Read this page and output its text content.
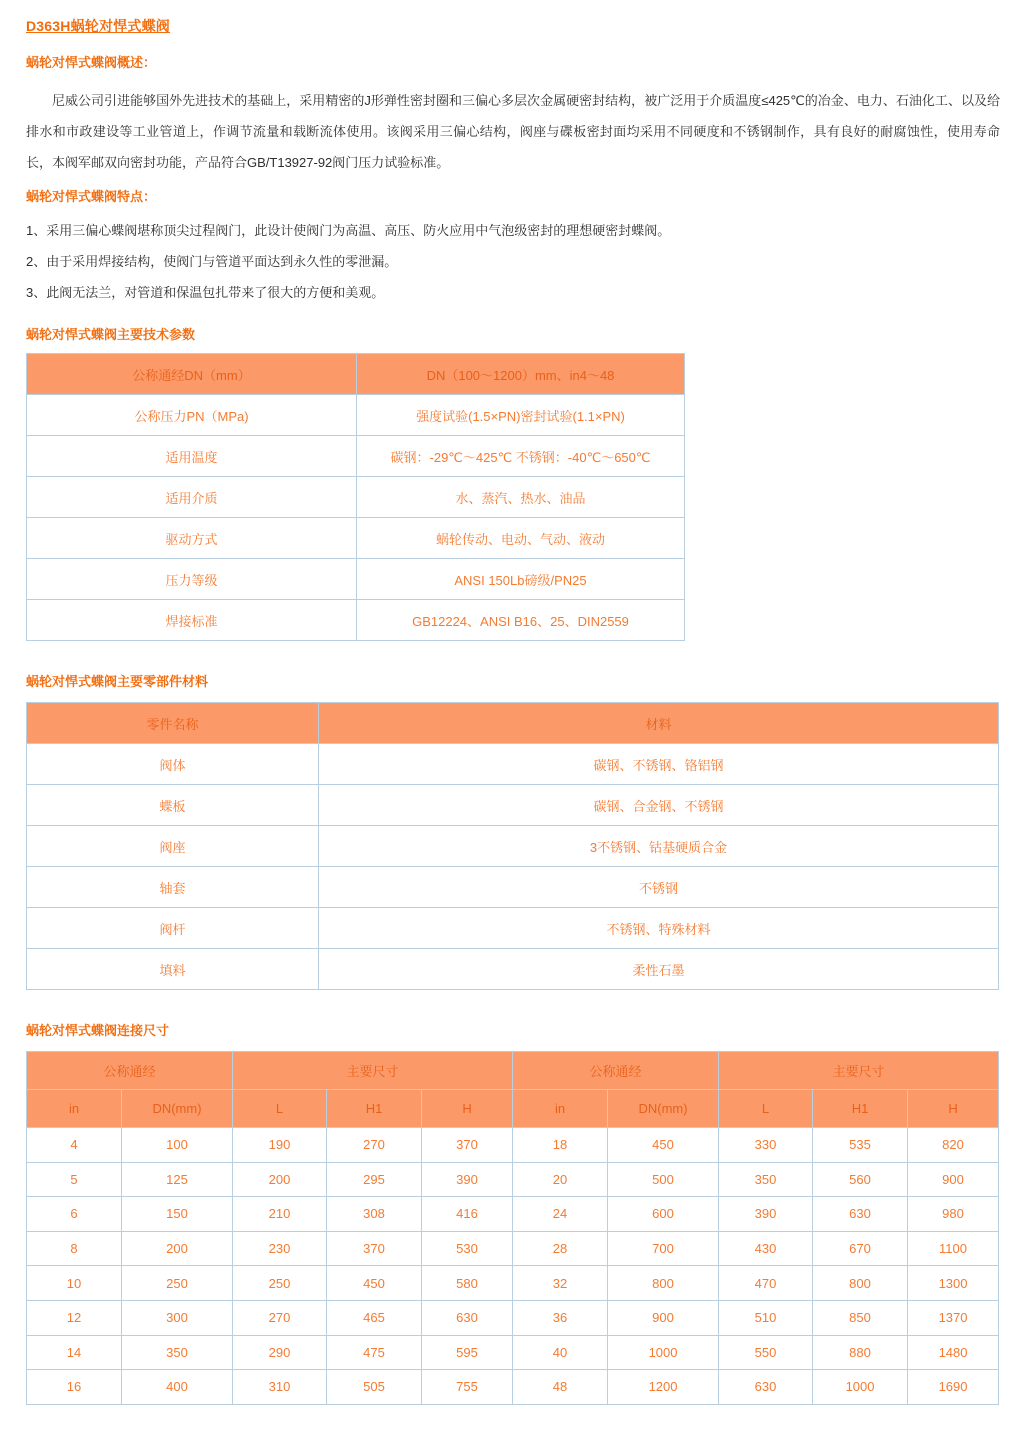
D363H蜗轮对悍式蝶阀
蜗轮对悍式蝶阀概述：

尼威公司引进能够国外先进技术的基础上，采用精密的J形弹性密封圈和三偏心多层次金属硬密封结构，被广泛用于介质温度≤425℃的冶金、电力、石油化工、以及给排水和市政建设等工业管道上，作调节流量和载断流体使用。该阀采用三偏心结构，阀座与碟板密封面均采用不同硬度和不锈钢制作，具有良好的耐腐蚀性，使用寿命长，本阀军邮双向密封功能，产品符合GB/T13927-92阀门压力试验标准。

蜗轮对悍式蝶阀特点：
1、采用三偏心蝶阀堪称顶尖过程阀门，此设计使阀门为高温、高压、防火应用中气泡级密封的理想硬密封蝶阀。
2、由于采用焊接结构，使阀门与管道平面达到永久性的零泄漏。
3、此阀无法兰，对管道和保温包扎带来了很大的方便和美观。
蜗轮对悍式蝶阀主要技术参数
公称通经DN（mm）	DN（100～1200）mm、in4～48
公称压力PN（MPa)	强度试验(1.5×PN)密封试验(1.1×PN)
适用温度	碳钢：-29℃～425℃ 不锈钢：-40℃～650℃
适用介质	水、蒸汽、热水、油品
驱动方式	蜗轮传动、电动、气动、液动
压力等级	ANSI 150Lb磅级/PN25
焊接标准	GB12224、ANSI B16、25、DIN2559
蜗轮对悍式蝶阀主要零部件材料
零件名称	材料
阀体	碳钢、不锈钢、铬铝钢
蝶板	碳钢、合金钢、不锈钢
阀座	3不锈钢、钴基硬质合金
轴套	不锈钢
阀杆	不锈钢、特殊材料
填料	柔性石墨
蜗轮对悍式蝶阀连接尺寸
公称通经		主要尺寸			公称通经		主要尺寸		
in	DN(mm)	L	H1	H	in	DN(mm)	L	H1	H
4	100	190	270	370	18	450	330	535	820
5	125	200	295	390	20	500	350	560	900
6	150	210	308	416	24	600	390	630	980
8	200	230	370	530	28	700	430	670	1100
10	250	250	450	580	32	800	470	800	1300
12	300	270	465	630	36	900	510	850	1370
14	350	290	475	595	40	1000	550	880	1480
16	400	310	505	755	48	1200	630	1000	1690
